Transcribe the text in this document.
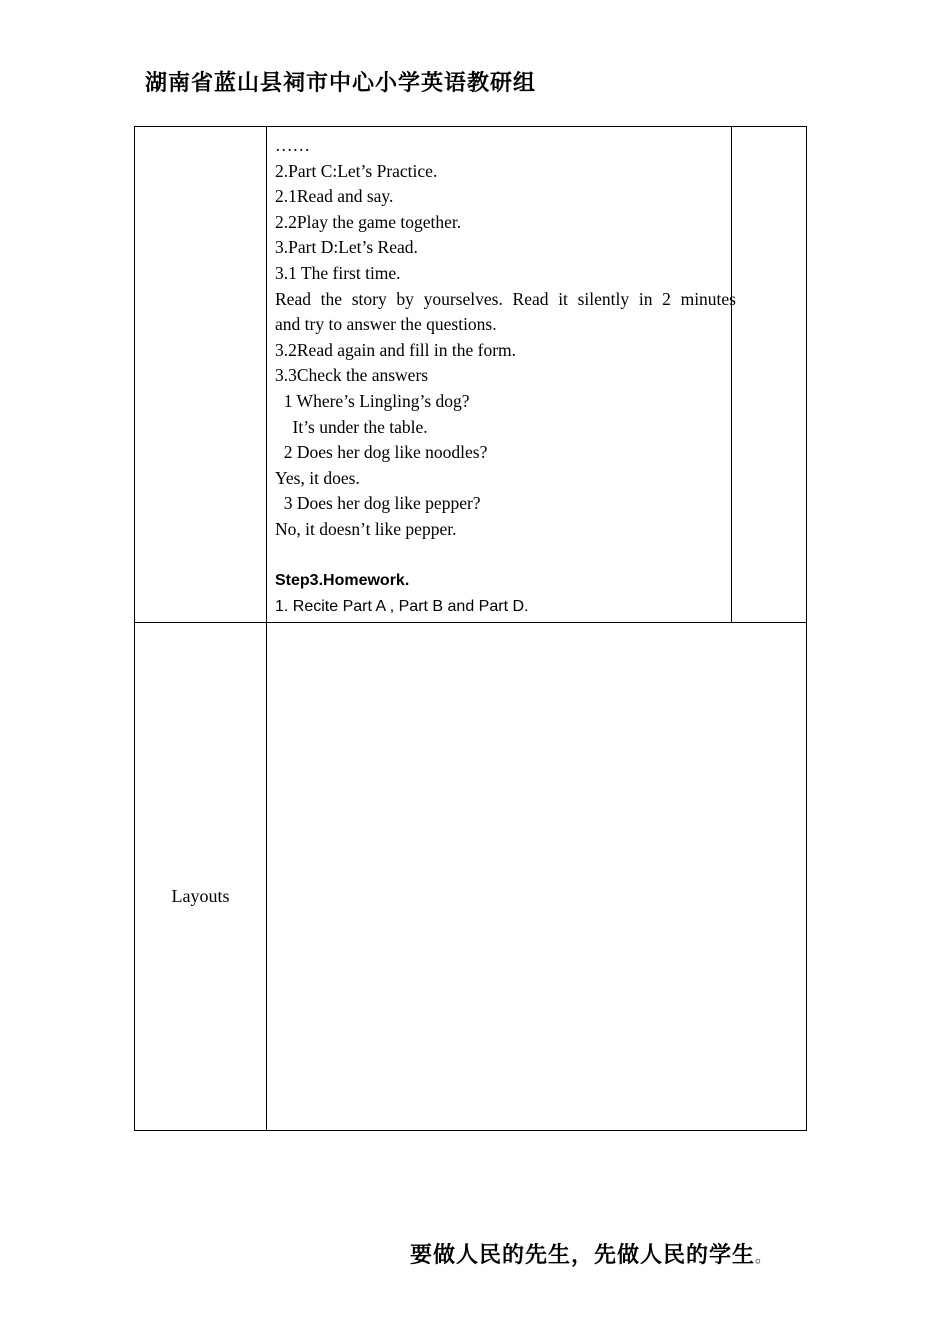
湖南省蓝山县祠市中心小学英语教研组
……
2.Part C:Let’s Practice.
2.1Read and say.
2.2Play the game together.
3.Part D:Let’s Read.
3.1 The first time.
Read the story by yourselves. Read it silently in 2 minutes
and try to answer the questions.
3.2Read again and fill in the form.
3.3Check the answers
1 Where’s Lingling’s dog?
It’s under the table.
2 Does her dog like noodles?
Yes, it does.
3 Does her dog like pepper?
No, it doesn’t like pepper.
Step3.Homework.
1. Recite Part A , Part B and Part D.
Layouts
要做人民的先生，先做人民的学生。
